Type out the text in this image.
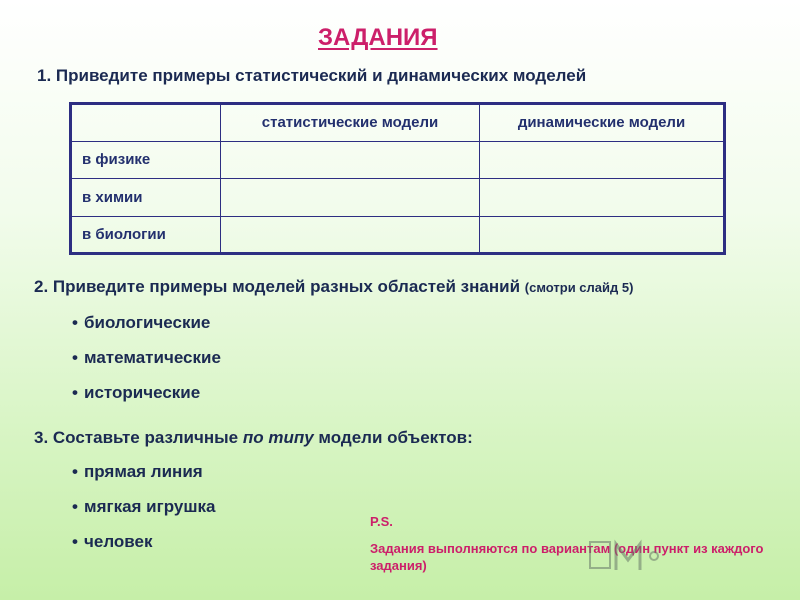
ЗАДАНИЯ
1. Приведите примеры статистический и динамических моделей
	статистические модели	динамические модели
в физике		
в химии		
в биологии		
2. Приведите примеры моделей разных областей знаний (смотри слайд 5)
• биологические
• математические
• исторические
3. Составьте различные по типу модели объектов:
• прямая линия
• мягкая игрушка
• человек
P.S.
Задания выполняются по вариантам (один пункт из каждого задания)
